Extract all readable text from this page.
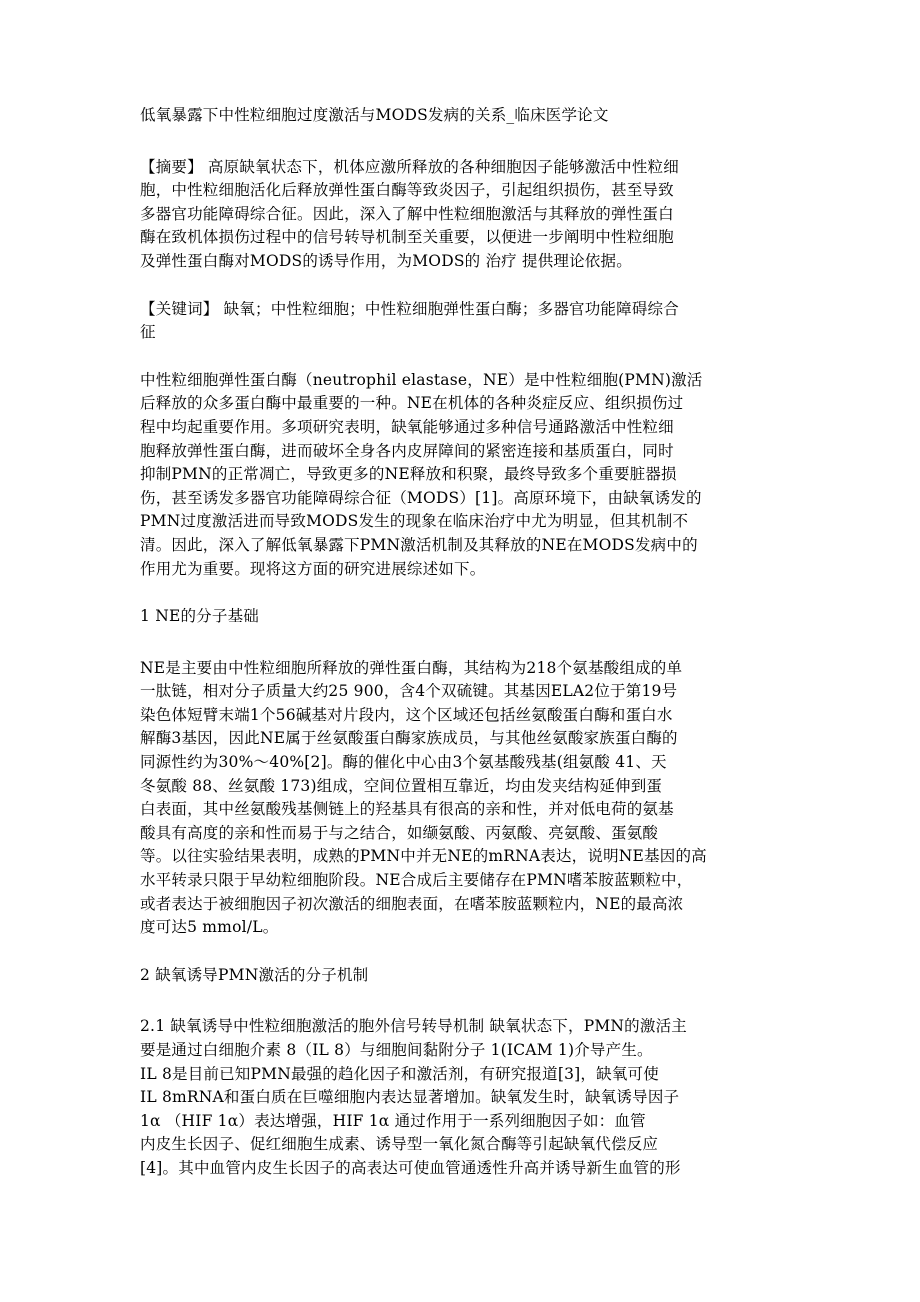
低氧暴露下中性粒细胞过度激活与MODS发病的关系_临床医学论文

【摘要】 高原缺氧状态下，机体应激所释放的各种细胞因子能够激活中性粒细
胞，中性粒细胞活化后释放弹性蛋白酶等致炎因子，引起组织损伤，甚至导致
多器官功能障碍综合征。因此，深入了解中性粒细胞激活与其释放的弹性蛋白
酶在致机体损伤过程中的信号转导机制至关重要，以便进一步阐明中性粒细胞
及弹性蛋白酶对MODS的诱导作用，为MODS的 治疗 提供理论依据。

【关键词】 缺氧；中性粒细胞；中性粒细胞弹性蛋白酶；多器官功能障碍综合
征

中性粒细胞弹性蛋白酶（neutrophil elastase，NE）是中性粒细胞(PMN)激活
后释放的众多蛋白酶中最重要的一种。NE在机体的各种炎症反应、组织损伤过
程中均起重要作用。多项研究表明，缺氧能够通过多种信号通路激活中性粒细
胞释放弹性蛋白酶，进而破坏全身各内皮屏障间的紧密连接和基质蛋白，同时
抑制PMN的正常凋亡，导致更多的NE释放和积聚，最终导致多个重要脏器损
伤，甚至诱发多器官功能障碍综合征（MODS）[1]。高原环境下，由缺氧诱发的
PMN过度激活进而导致MODS发生的现象在临床治疗中尤为明显，但其机制不
清。因此，深入了解低氧暴露下PMN激活机制及其释放的NE在MODS发病中的
作用尤为重要。现将这方面的研究进展综述如下。

1 NE的分子基础

NE是主要由中性粒细胞所释放的弹性蛋白酶，其结构为218个氨基酸组成的单
一肽链，相对分子质量大约25 900，含4个双硫键。其基因ELA2位于第19号
染色体短臂末端1个56碱基对片段内，这个区域还包括丝氨酸蛋白酶和蛋白水
解酶3基因，因此NE属于丝氨酸蛋白酶家族成员，与其他丝氨酸家族蛋白酶的
同源性约为30%～40%[2]。酶的催化中心由3个氨基酸残基(组氨酸 41、天
冬氨酸 88、丝氨酸 173)组成，空间位置相互靠近，均由发夹结构延伸到蛋
白表面，其中丝氨酸残基侧链上的羟基具有很高的亲和性，并对低电荷的氨基
酸具有高度的亲和性而易于与之结合，如缬氨酸、丙氨酸、亮氨酸、蛋氨酸
等。以往实验结果表明，成熟的PMN中并无NE的mRNA表达，说明NE基因的高
水平转录只限于早幼粒细胞阶段。NE合成后主要储存在PMN嗜苯胺蓝颗粒中，
或者表达于被细胞因子初次激活的细胞表面，在嗜苯胺蓝颗粒内，NE的最高浓
度可达5 mmol/L。

2 缺氧诱导PMN激活的分子机制

2.1 缺氧诱导中性粒细胞激活的胞外信号转导机制 缺氧状态下，PMN的激活主
要是通过白细胞介素 8（IL 8）与细胞间黏附分子 1(ICAM 1)介导产生。
IL 8是目前已知PMN最强的趋化因子和激活剂，有研究报道[3]，缺氧可使
IL 8mRNA和蛋白质在巨噬细胞内表达显著增加。缺氧发生时，缺氧诱导因子
1α （HIF 1α）表达增强，HIF 1α 通过作用于一系列细胞因子如：血管
内皮生长因子、促红细胞生成素、诱导型一氧化氮合酶等引起缺氧代偿反应
[4]。其中血管内皮生长因子的高表达可使血管通透性升高并诱导新生血管的形
